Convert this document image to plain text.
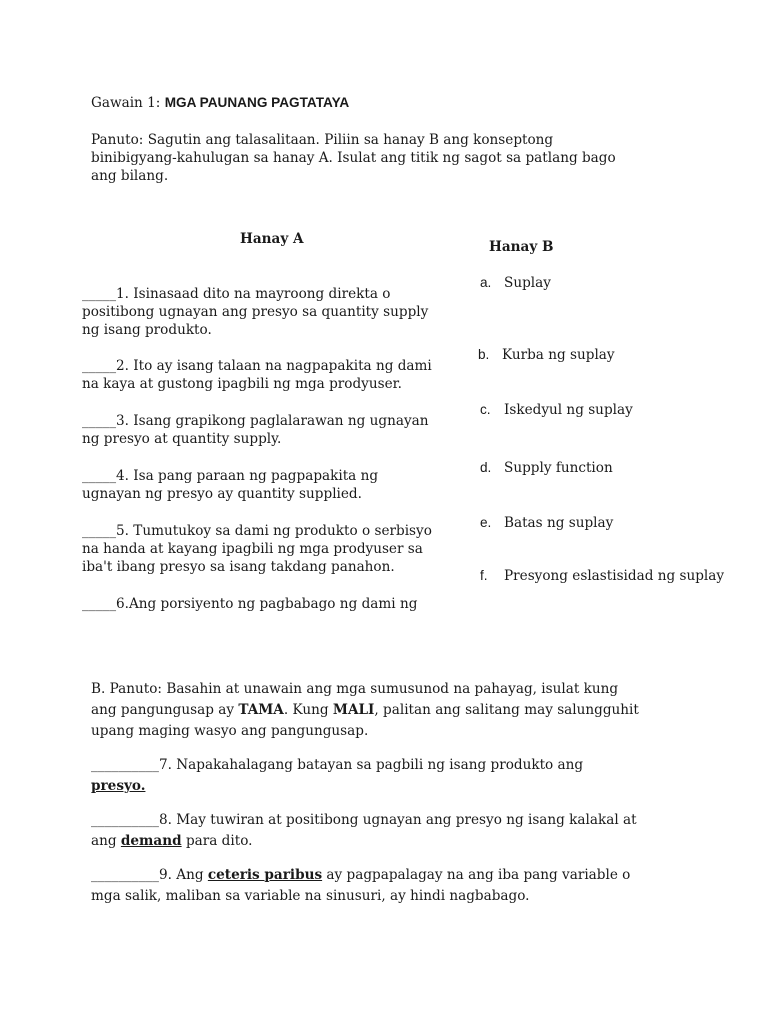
Gawain 1: MGA PAUNANG PAGTATAYA
Panuto: Sagutin ang talasalitaan. Piliin sa hanay B ang konseptong
binibigyang-kahulugan sa hanay A. Isulat ang titik ng sagot sa patlang bago
ang bilang.
Hanay A	Hanay B
_____1. Isinasaad dito na mayroong direkta o
positibong ugnayan ang presyo sa quantity supply
ng isang produkto.
_____2. Ito ay isang talaan na nagpapakita ng dami
na kaya at gustong ipagbili ng mga prodyuser.
_____3. Isang grapikong paglalarawan ng ugnayan
ng presyo at quantity supply.
_____4. Isa pang paraan ng pagpapakita ng
ugnayan ng presyo ay quantity supplied.
_____5. Tumutukoy sa dami ng produkto o serbisyo
na handa at kayang ipagbili ng mga prodyuser sa
iba't ibang presyo sa isang takdang panahon.
_____6.Ang porsiyento ng pagbabago ng dami ng
a. Suplay
b. Kurba ng suplay
c. Iskedyul ng suplay
d. Supply function
e. Batas ng suplay
f. Presyong eslastisidad ng suplay
B. Panuto: Basahin at unawain ang mga sumusunod na pahayag, isulat kung
ang pangungusap ay TAMA. Kung MALI, palitan ang salitang may salungguhit
upang maging wasyo ang pangungusap.
__________7. Napakahalagang batayan sa pagbili ng isang produkto ang
presyo.
__________8. May tuwiran at positibong ugnayan ang presyo ng isang kalakal at
ang demand para dito.
__________9. Ang ceteris paribus ay pagpapalagay na ang iba pang variable o
mga salik, maliban sa variable na sinusuri, ay hindi nagbabago.
